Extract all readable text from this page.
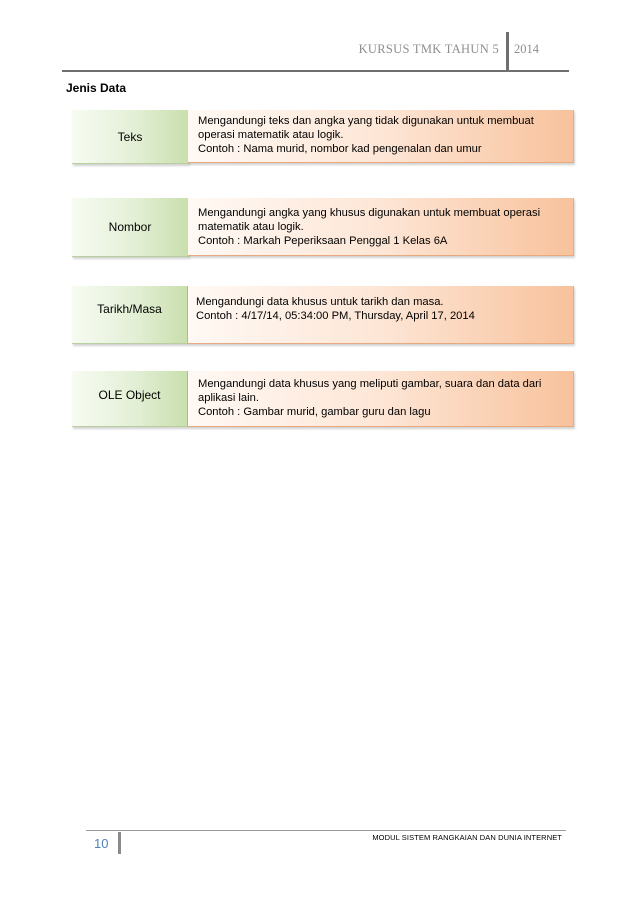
KURSUS TMK TAHUN 5 2014
Jenis Data
Teks

Mengandungi teks dan angka yang tidak digunakan untuk membuat

operasi matematik atau logik.

Contoh : Nama murid, nombor kad pengenalan dan umur

Nombor

Mengandungi angka yang khusus digunakan untuk membuat operasi

matematik atau logik.

Contoh : Markah Peperiksaan Penggal 1 Kelas 6A

Tarikh/Masa	Mengandungi data khusus untuk tarikh dan masa.

Contoh : 4/17/14, 05:34:00 PM, Thursday, April 17, 2014

OLE Object

Mengandungi data khusus yang meliputi gambar, suara dan data dari

aplikasi lain.

Contoh : Gambar murid, gambar guru dan lagu

10	MODUL SISTEM RANGKAIAN DAN DUNIA INTERNET
